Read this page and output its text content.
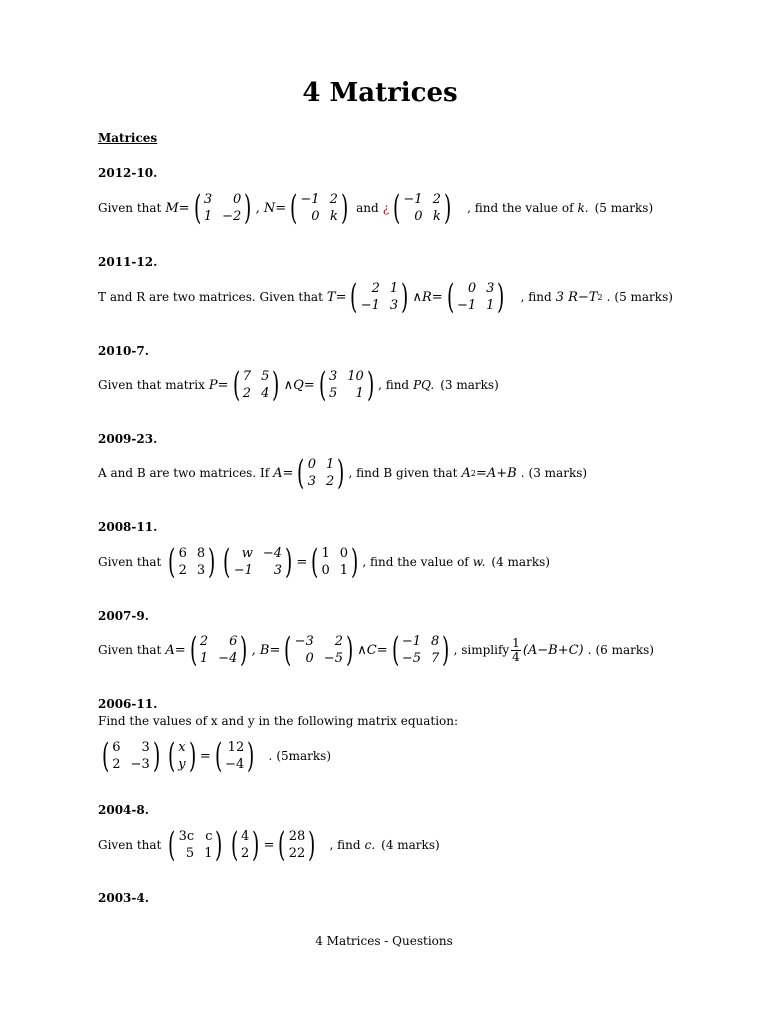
4 Matrices
Matrices
2012-10.
Given that M= ( 3	0
1 −2 ) , N= ( −1 2
0 k ) and ¿ ( −1 2
0 k ) , find the value of k. (5 marks)
2011-12.
T and R are two matrices. Given that T= (	2 1
−1 3 ) ∧R= (	0 3
−1 1 ) , find 3 R−T 2 . (5 marks)
2010-7.
Given that matrix P= ( 7 5
2 4 ) ∧Q= ( 3 10
5	1 ) , find PQ. (3 marks)
2009-23.
A and B are two matrices. If A= ( 0 1
3 2 ) , find B given that A 2 =A+B . (3 marks)
2008-11.
Given that ( 6 8
2 3 ) ( w −4
−1	3 ) = ( 1 0
0 1 ) , find the value of w. (4 marks)
2007-9.
Given that A= ( 2	6
1 −4 ) , B= ( −3	2
0 −5 ) ∧C= ( −1 8
−5 7 ) , simplify $\frac{1}{4} (A-B+C)$ . (6 marks)
2006-11.
Find the values of x and y in the following matrix equation:
( 6	3
2 −3 ) ( x
y ) = ( 12
−4 ) . (5marks)
2004-8.
Given that ( 3c c
5 1 ) ( 4
2 ) = ( 28
22 ) , find c. (4 marks)
2003-4.
4 Matrices - Questions
